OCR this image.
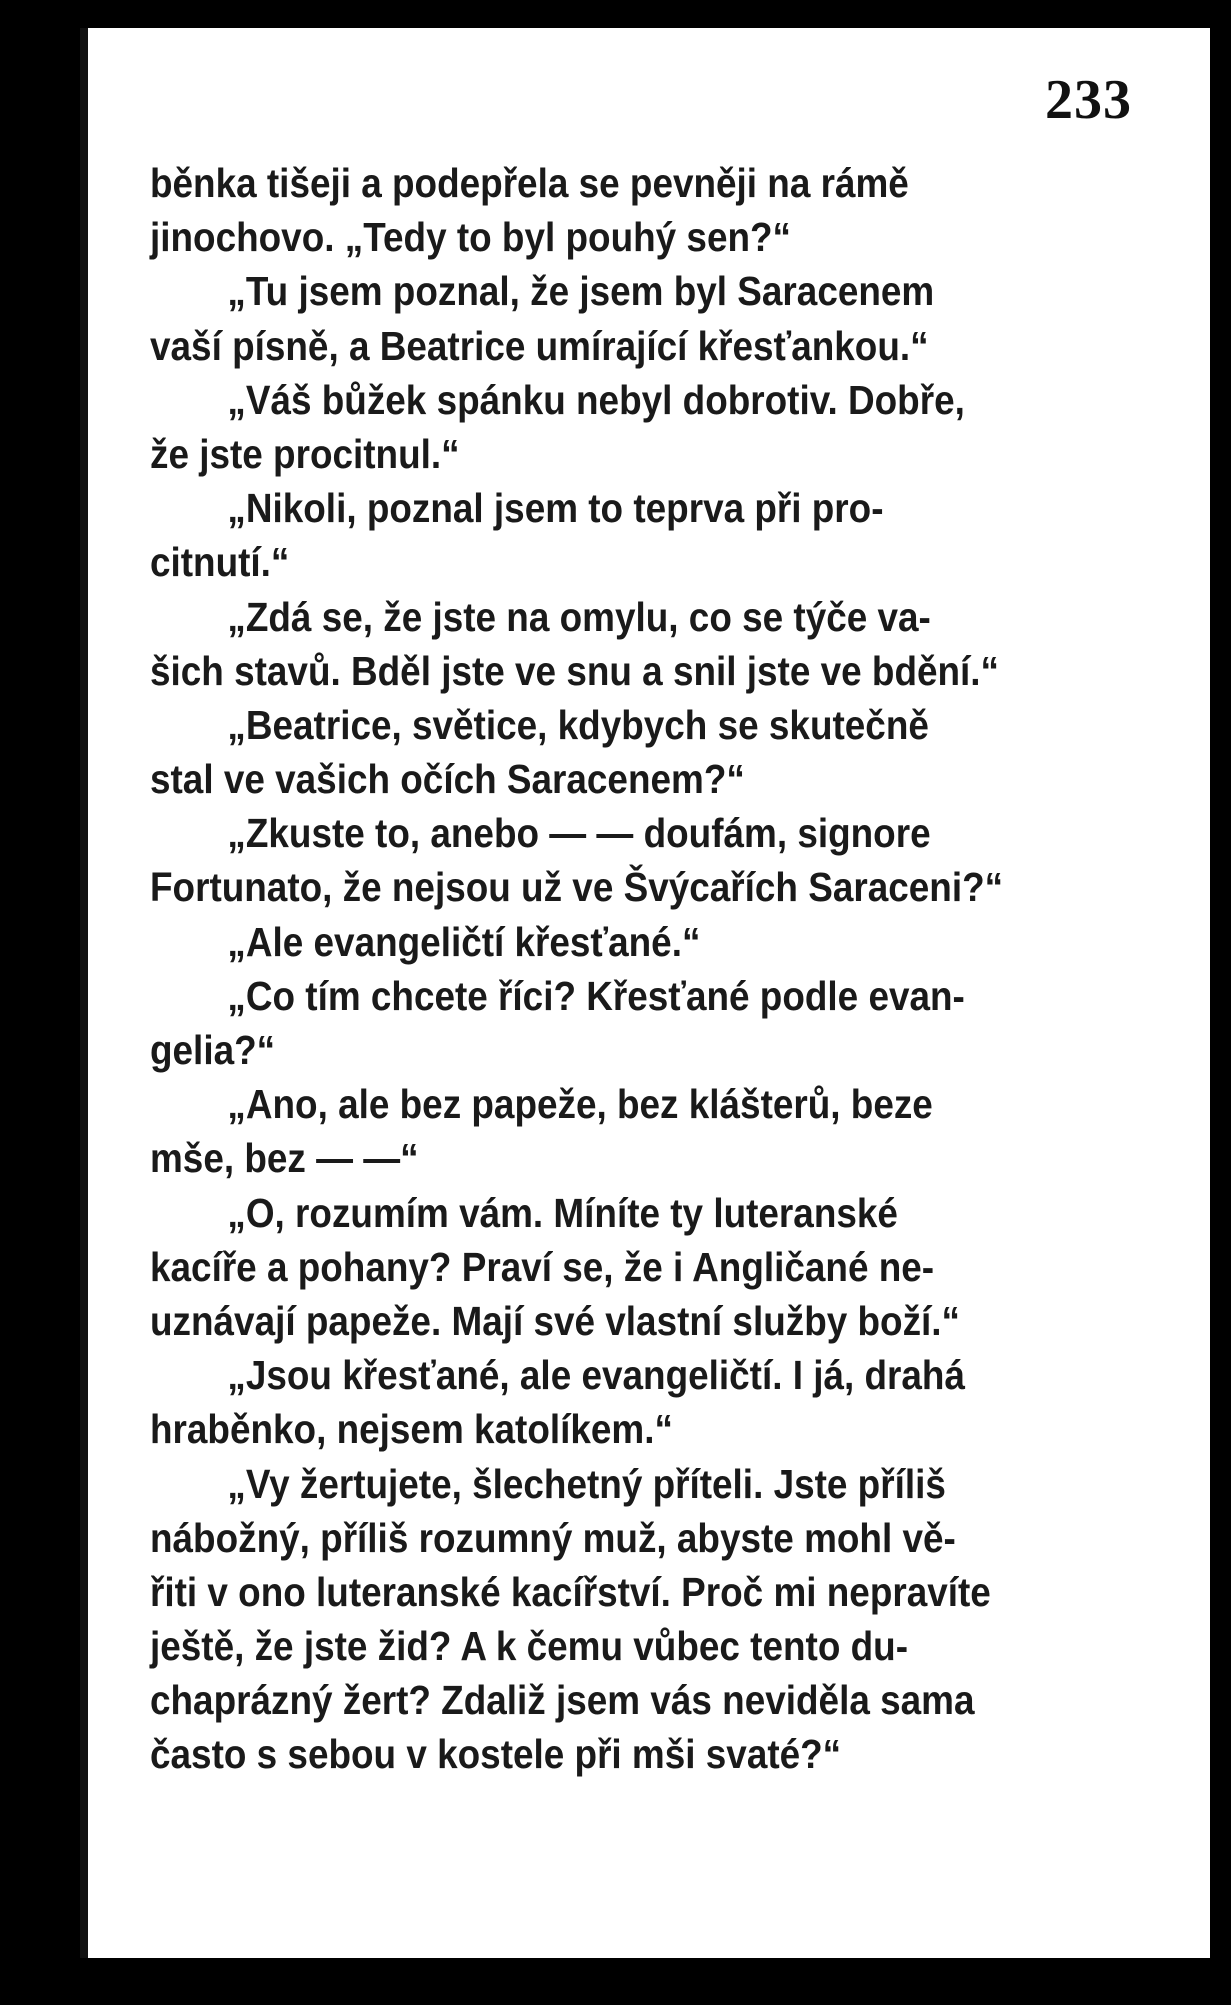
233
běnka tišeji a podepřela se pevněji na rámě
jinochovo. „Tedy to byl pouhý sen?“
„Tu jsem poznal, že jsem byl Saracenem
vaší písně, a Beatrice umírající křesťankou.“
„Váš bůžek spánku nebyl dobrotiv. Dobře,
že jste procitnul.“
„Nikoli, poznal jsem to teprva při pro-
citnutí.“
„Zdá se, že jste na omylu, co se týče va-
šich stavů. Bděl jste ve snu a snil jste ve bdění.“
„Beatrice, světice, kdybych se skutečně
stal ve vašich očích Saracenem?“
„Zkuste to, anebo — — doufám, signore
Fortunato, že nejsou už ve Švýcařích Saraceni?“
„Ale evangeličtí křesťané.“
„Co tím chcete říci? Křesťané podle evan-
gelia?“
„Ano, ale bez papeže, bez klášterů, beze
mše, bez — —“
„O, rozumím vám. Míníte ty luteranské
kacíře a pohany? Praví se, že i Angličané ne-
uznávají papeže. Mají své vlastní služby boží.“
„Jsou křesťané, ale evangeličtí. I já, drahá
hraběnko, nejsem katolíkem.“
„Vy žertujete, šlechetný příteli. Jste příliš
nábožný, příliš rozumný muž, abyste mohl vě-
řiti v ono luteranské kacířství. Proč mi nepravíte
ještě, že jste žid? A k čemu vůbec tento du-
chaprázný žert? Zdaliž jsem vás neviděla sama
často s sebou v kostele při mši svaté?“
